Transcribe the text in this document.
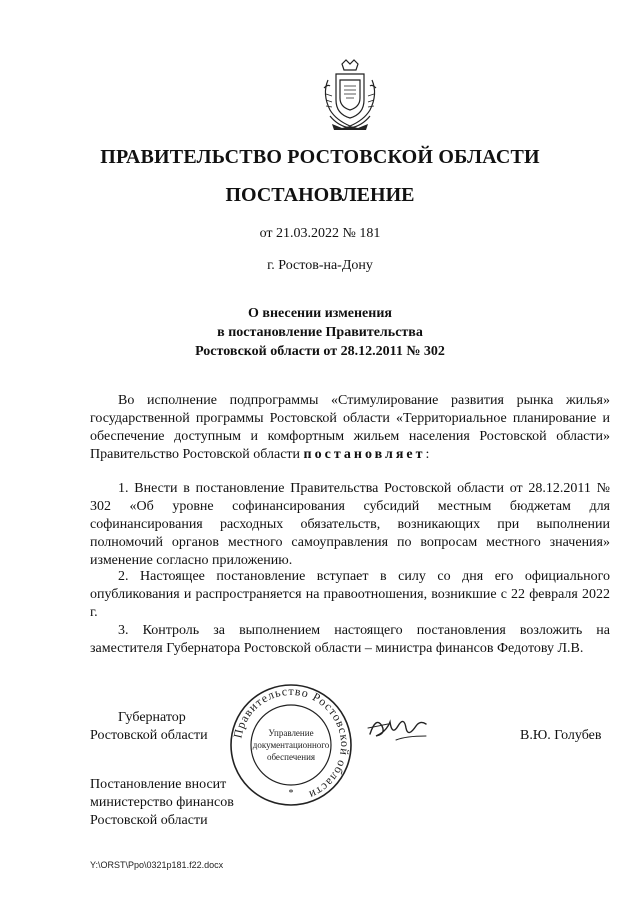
ПРАВИТЕЛЬСТВО РОСТОВСКОЙ ОБЛАСТИ
ПОСТАНОВЛЕНИЕ
от 21.03.2022 № 181
г. Ростов-на-Дону
О внесении изменения
в постановление Правительства
Ростовской области от 28.12.2011 № 302

Во исполнение подпрограммы «Стимулирование развития рынка жилья» государственной программы Ростовской области «Территориальное планирование и обеспечение доступным и комфортным жильем населения Ростовской области» Правительство Ростовской области постановляет:

1. Внести в постановление Правительства Ростовской области от 28.12.2011 № 302 «Об уровне софинансирования субсидий местным бюджетам для софинансирования расходных обязательств, возникающих при выполнении полномочий органов местного самоуправления по вопросам местного значения» изменение согласно приложению.

2. Настоящее постановление вступает в силу со дня его официального опубликования и распространяется на правоотношения, возникшие с 22 февраля 2022 г.

3. Контроль за выполнением настоящего постановления возложить на заместителя Губернатора Ростовской области – министра финансов Федотову Л.В.

Губернатор
Ростовской области Правительство Ростовской области
Управление
документационного
обеспечения
*
В.Ю. Голубев
Постановление вносит
министерство финансов
Ростовской области
Y:\ORST\Ppo\0321p181.f22.docx
